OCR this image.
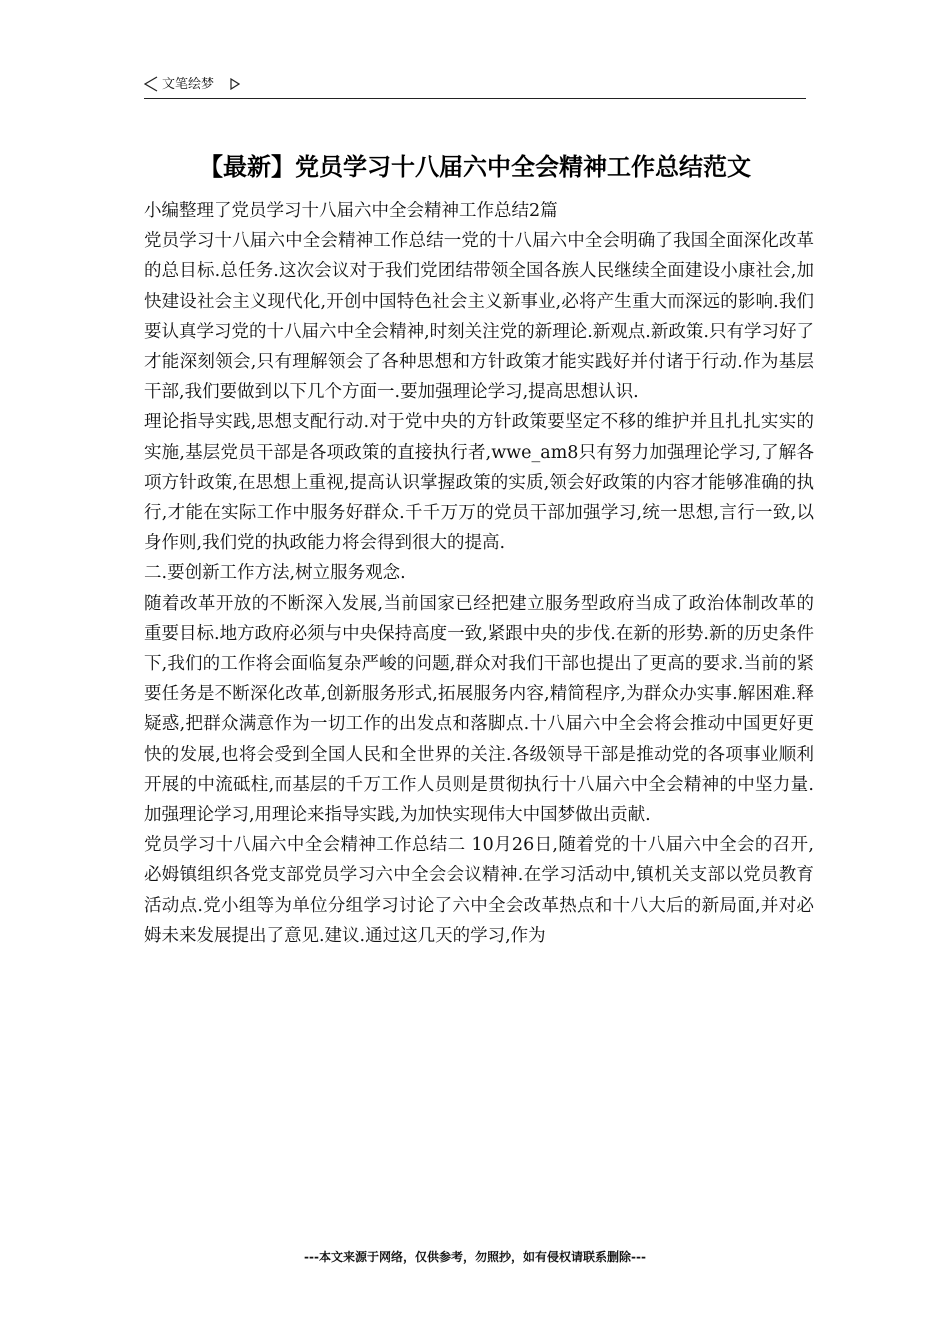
文笔绘梦
【最新】党员学习十八届六中全会精神工作总结范文

小编整理了党员学习十八届六中全会精神工作总结2篇

党员学习十八届六中全会精神工作总结一党的十八届六中全会明确了我国全面深化改革的总目标.总任务.这次会议对于我们党团结带领全国各族人民继续全面建设小康社会,加快建设社会主义现代化,开创中国特色社会主义新事业,必将产生重大而深远的影响.我们要认真学习党的十八届六中全会精神,时刻关注党的新理论.新观点.新政策.只有学习好了才能深刻领会,只有理解领会了各种思想和方针政策才能实践好并付诸于行动.作为基层干部,我们要做到以下几个方面一.要加强理论学习,提高思想认识.

理论指导实践,思想支配行动.对于党中央的方针政策要坚定不移的维护并且扎扎实实的实施,基层党员干部是各项政策的直接执行者,wwe_am8只有努力加强理论学习,了解各项方针政策,在思想上重视,提高认识掌握政策的实质,领会好政策的内容才能够准确的执行,才能在实际工作中服务好群众.千千万万的党员干部加强学习,统一思想,言行一致,以身作则,我们党的执政能力将会得到很大的提高.

二.要创新工作方法,树立服务观念.

随着改革开放的不断深入发展,当前国家已经把建立服务型政府当成了政治体制改革的重要目标.地方政府必须与中央保持高度一致,紧跟中央的步伐.在新的形势.新的历史条件下,我们的工作将会面临复杂严峻的问题,群众对我们干部也提出了更高的要求.当前的紧要任务是不断深化改革,创新服务形式,拓展服务内容,精简程序,为群众办实事.解困难.释疑惑,把群众满意作为一切工作的出发点和落脚点.十八届六中全会将会推动中国更好更快的发展,也将会受到全国人民和全世界的关注.各级领导干部是推动党的各项事业顺利开展的中流砥柱,而基层的千万工作人员则是贯彻执行十八届六中全会精神的中坚力量.加强理论学习,用理论来指导实践,为加快实现伟大中国梦做出贡献.

党员学习十八届六中全会精神工作总结二 10月26日,随着党的十八届六中全会的召开,必姆镇组织各党支部党员学习六中全会会议精神.在学习活动中,镇机关支部以党员教育活动点.党小组等为单位分组学习讨论了六中全会改革热点和十八大后的新局面,并对必姆未来发展提出了意见.建议.通过这几天的学习,作为

---本文来源于网络，仅供参考，勿照抄，如有侵权请联系删除---
